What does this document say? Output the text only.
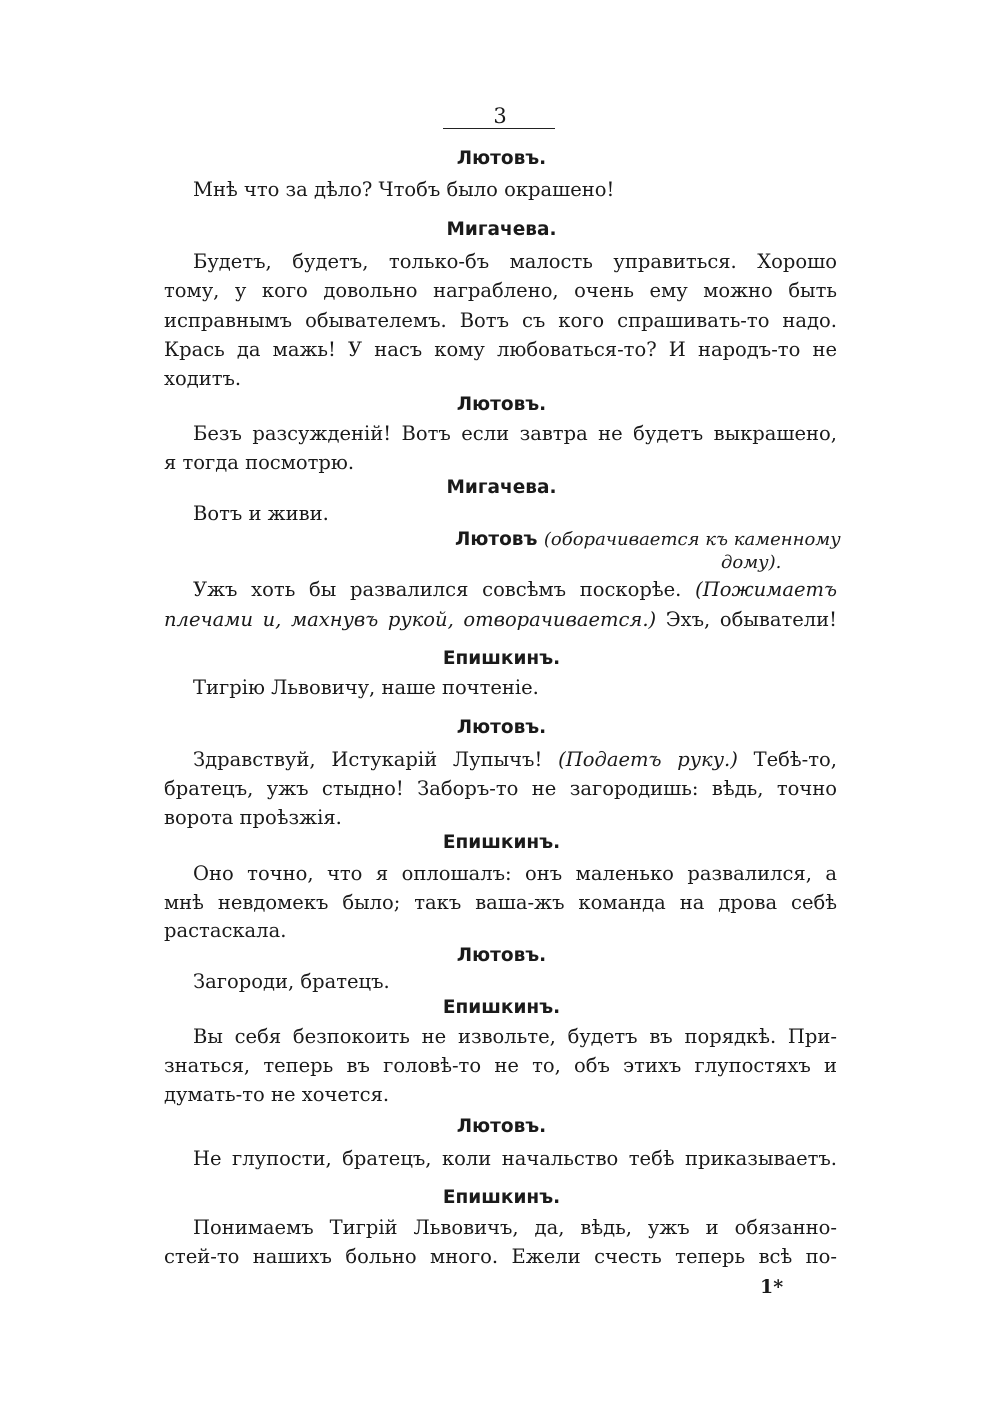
3
Лютовъ.
Мнѣ что за дѣло? Чтобъ было окрашено!
Мигачева.
Будетъ, будетъ, только-бъ малость управиться. Хорошо
тому, у кого довольно награблено, очень ему можно быть
исправнымъ обывателемъ. Вотъ съ кого спрашивать-то надо.
Крась да мажь! У насъ кому любоваться-то? И народъ-то не
ходитъ.
Лютовъ.
Безъ разсужденій! Вотъ если завтра не будетъ выкрашено,
я тогда посмотрю.
Мигачева.
Вотъ и живи.
Лютовъ (оборачивается къ каменному
дому).
Ужъ хоть бы развалился совсѣмъ поскорѣе. (Пожимаетъ
плечами и, махнувъ рукой, отворачивается.) Эхъ, обыватели!
Епишкинъ.
Тигрію Львовичу, наше почтеніе.
Лютовъ.
Здравствуй, Истукарій Лупычъ! (Подаетъ руку.) Тебѣ-то,
братецъ, ужъ стыдно! Заборъ-то не загородишь: вѣдь, точно
ворота проѣзжія.
Епишкинъ.
Оно точно, что я оплошалъ: онъ маленько развалился, а
мнѣ невдомекъ было; такъ ваша-жъ команда на дрова себѣ
растаскала.
Лютовъ.
Загороди, братецъ.
Епишкинъ.
Вы себя безпокоить не извольте, будетъ въ порядкѣ. При-
знаться, теперь въ головѣ-то не то, объ этихъ глупостяхъ и
думать-то не хочется.
Лютовъ.
Не глупости, братецъ, коли начальство тебѣ приказываетъ.
Епишкинъ.
Понимаемъ Тигрій Львовичъ, да, вѣдь, ужъ и обязанно-
стей-то нашихъ больно много. Ежели счесть теперь всѣ по-
1*
